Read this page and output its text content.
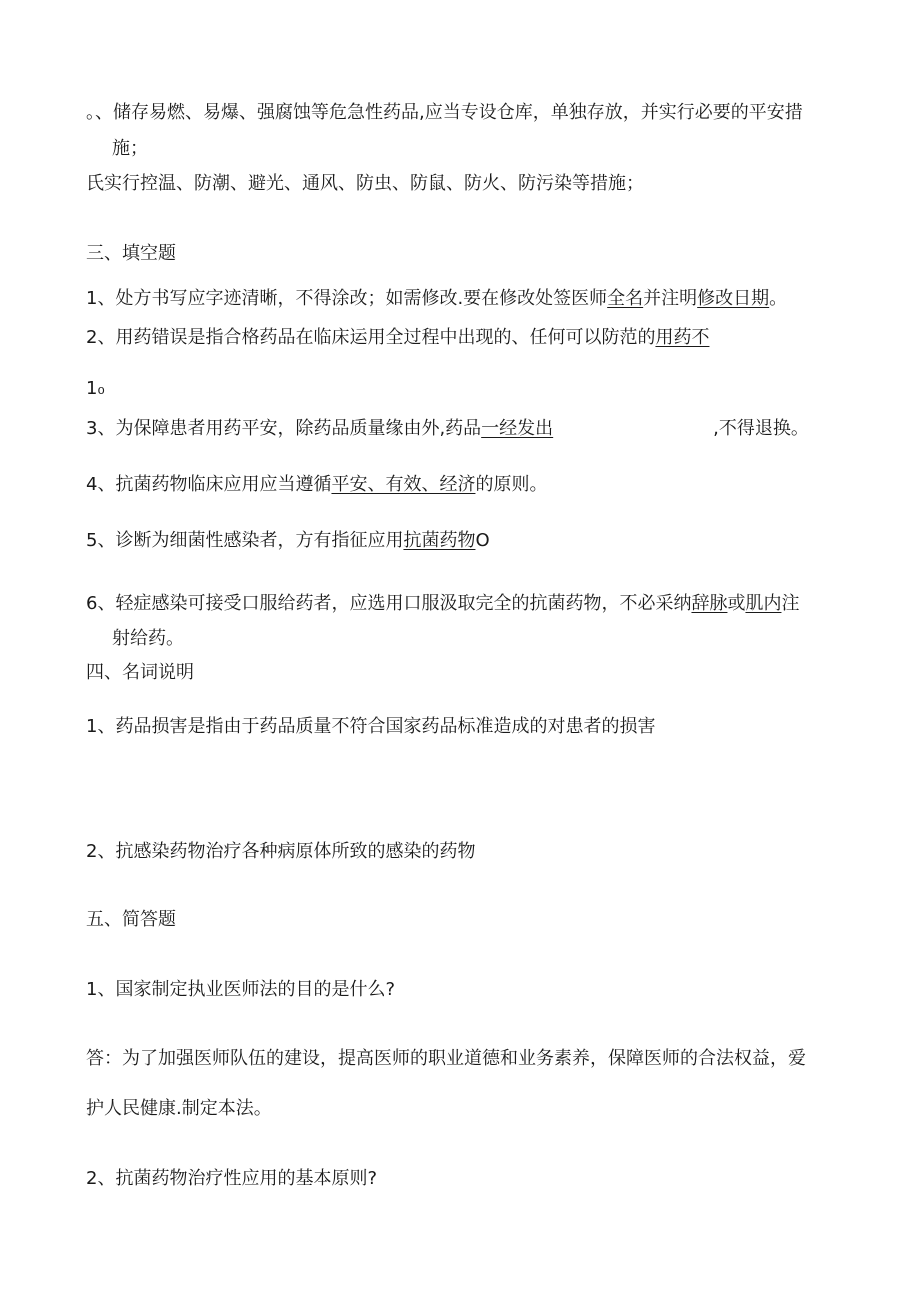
。、储存易燃、易爆、强腐蚀等危急性药品,应当专设仓库，单独存放，并实行必要的平安措
施；
氏实行控温、防潮、避光、通风、防虫、防鼠、防火、防污染等措施；
三、填空题
1、处方书写应字迹清晰，不得涂改；如需修改.要在修改处签医师全名并注明修改日期。
2、用药错误是指合格药品在临床运用全过程中出现的、任何可以防范的用药不
1₀
3、为保障患者用药平安，除药品质量缘由外,药品一经发出	,不得退换。
4、抗菌药物临床应用应当遵循平安、有效、经济的原则。
5、诊断为细菌性感染者，方有指征应用抗菌药物O
6、轻症感染可接受口服给药者，应选用口服汲取完全的抗菌药物，不必采纳辞脉或肌内注
射给药。
四、名词说明
1、药品损害是指由于药品质量不符合国家药品标准造成的对患者的损害
2、抗感染药物治疗各种病原体所致的感染的药物
五、简答题
1、国家制定执业医师法的目的是什么?
答：为了加强医师队伍的建设，提高医师的职业道德和业务素养，保障医师的合法权益，爱
护人民健康.制定本法。
2、抗菌药物治疗性应用的基本原则?
